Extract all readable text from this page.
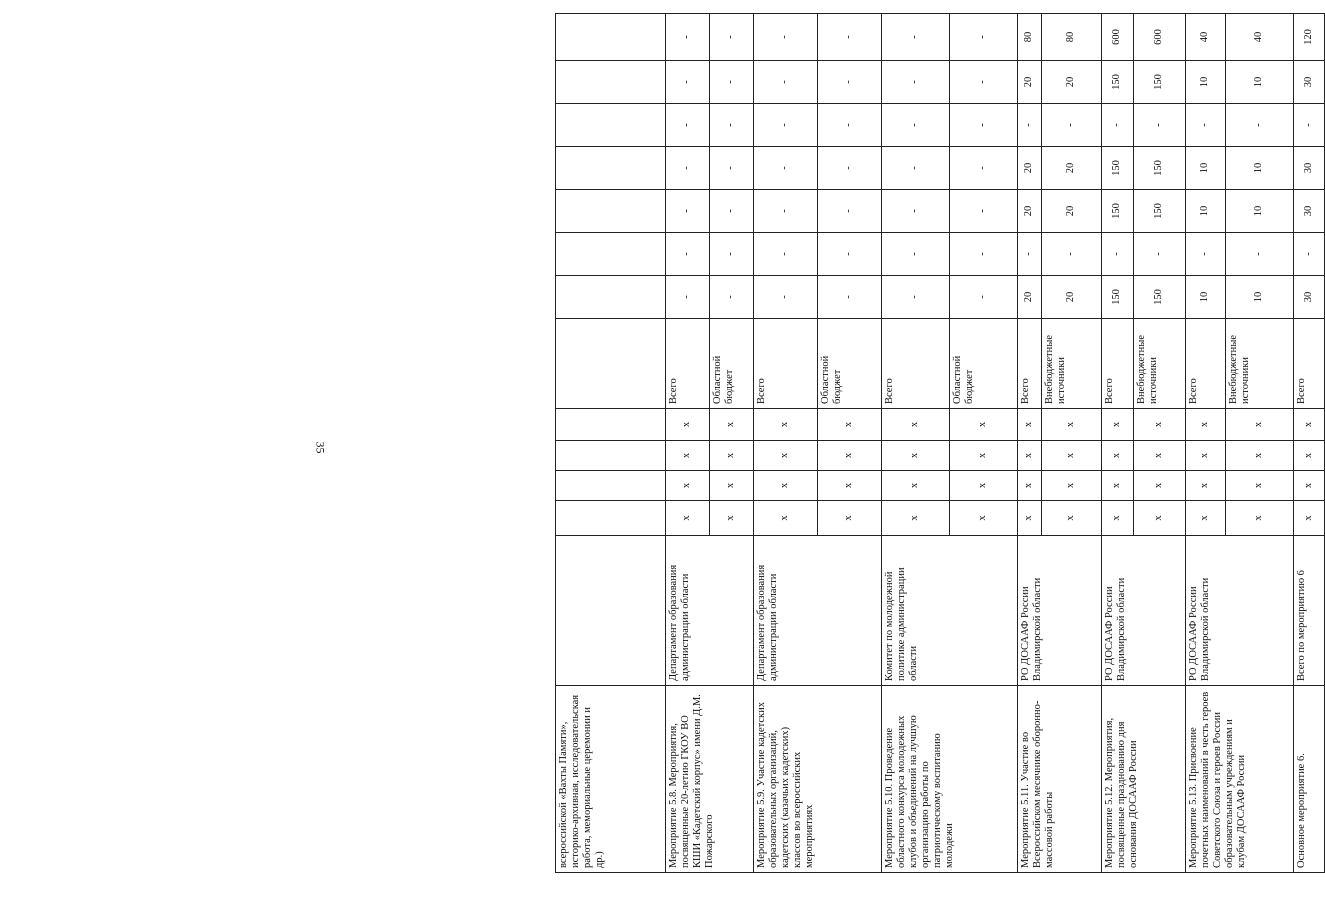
35
всероссийской «Вахты Памяти», историко-архивная, исследовательская работа, мемориальные церемонии и др.)													
Мероприятие 5.8. Мероприятия, посвященные 20-летию ГКОУ ВО КШИ «Кадетский корпус» имени Д.М. Пожарского	Департамент образования администрации области	х	х	х	х	Всего	-	-	-	-	-	-	-
		х	х	х	х	Областной бюджет	-	-	-	-	-	-	-
Мероприятие 5.9. Участие кадетских образовательных организаций, кадетских (казачьих кадетских) классов во всероссийских мероприятиях	Департамент образования администрации области	х	х	х	х	Всего	-	-	-	-	-	-	-
		х	х	х	х	Областной бюджет	-	-	-	-	-	-	-
Мероприятие 5.10. Проведение областного конкурса молодежных клубов и объединений на лучшую организацию работы по патриотическому воспитанию молодежи	Комитет по молодежной политике администрации области	х	х	х	х	Всего	-	-	-	-	-	-	-
		х	х	х	х	Областной бюджет	-	-	-	-	-	-	-
Мероприятие 5.11. Участие во Всероссийском месячнике оборонно-массовой работы	РО ДОСААФ России Владимирской области	х	х	х	х	Всего	20	-	20	20	-	20	80
		х	х	х	х	Внебюджетные источники	20	-	20	20	-	20	80
Мероприятие 5.12. Мероприятия, посвященные празднованию дня основания ДОСААФ России	РО ДОСААФ России Владимирской области	х	х	х	х	Всего	150	-	150	150	-	150	600
		х	х	х	х	Внебюджетные источники	150	-	150	150	-	150	600
Мероприятие 5.13. Присвоение почетных наименований в честь героев Советского Союза и героев России образовательным учреждениям и клубам ДОСААФ России	РО ДОСААФ России Владимирской области	х	х	х	х	Всего	10	-	10	10	-	10	40
		х	х	х	х	Внебюджетные источники	10	-	10	10	-	10	40
Основное мероприятие 6.	Всего по мероприятию 6	х	х	х	х	Всего	30	-	30	30	-	30	120
